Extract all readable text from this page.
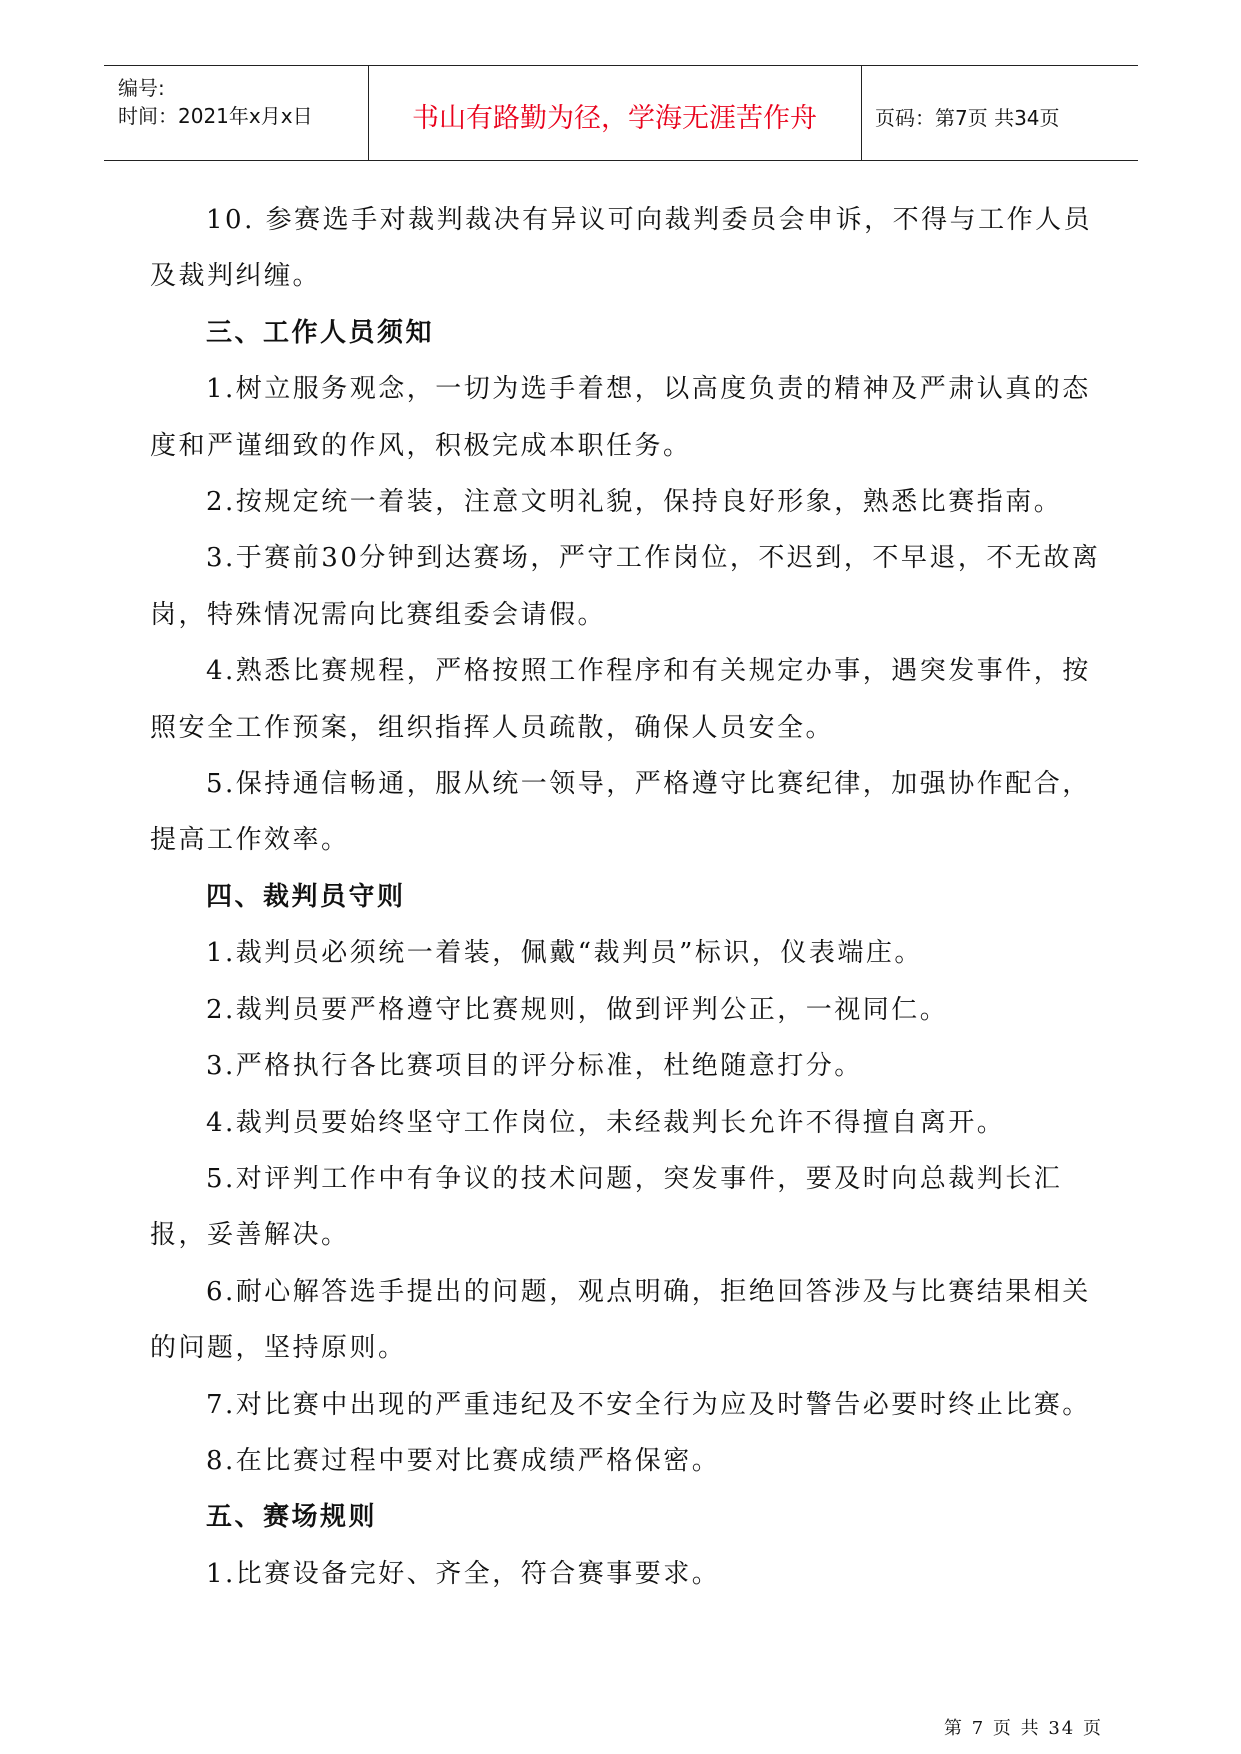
编号:
时间：2021年x月x日	书山有路勤为径，学海无涯苦作舟	页码：第7页 共34页

10. 参赛选手对裁判裁决有异议可向裁判委员会申诉，不得与工作人员及裁判纠缠。

三、工作人员须知

1.树立服务观念，一切为选手着想，以高度负责的精神及严肃认真的态度和严谨细致的作风，积极完成本职任务。

2.按规定统一着装，注意文明礼貌，保持良好形象，熟悉比赛指南。

3.于赛前30分钟到达赛场，严守工作岗位，不迟到，不早退，不无故离岗，特殊情况需向比赛组委会请假。

4.熟悉比赛规程，严格按照工作程序和有关规定办事，遇突发事件，按照安全工作预案，组织指挥人员疏散，确保人员安全。

5.保持通信畅通，服从统一领导，严格遵守比赛纪律，加强协作配合，提高工作效率。

四、裁判员守则

1.裁判员必须统一着装，佩戴“裁判员”标识，仪表端庄。

2.裁判员要严格遵守比赛规则，做到评判公正，一视同仁。

3.严格执行各比赛项目的评分标准，杜绝随意打分。

4.裁判员要始终坚守工作岗位，未经裁判长允许不得擅自离开。

5.对评判工作中有争议的技术问题，突发事件，要及时向总裁判长汇报，妥善解决。

6.耐心解答选手提出的问题，观点明确，拒绝回答涉及与比赛结果相关的问题，坚持原则。

7.对比赛中出现的严重违纪及不安全行为应及时警告必要时终止比赛。

8.在比赛过程中要对比赛成绩严格保密。

五、赛场规则

1.比赛设备完好、齐全，符合赛事要求。

第 7 页 共 34 页
